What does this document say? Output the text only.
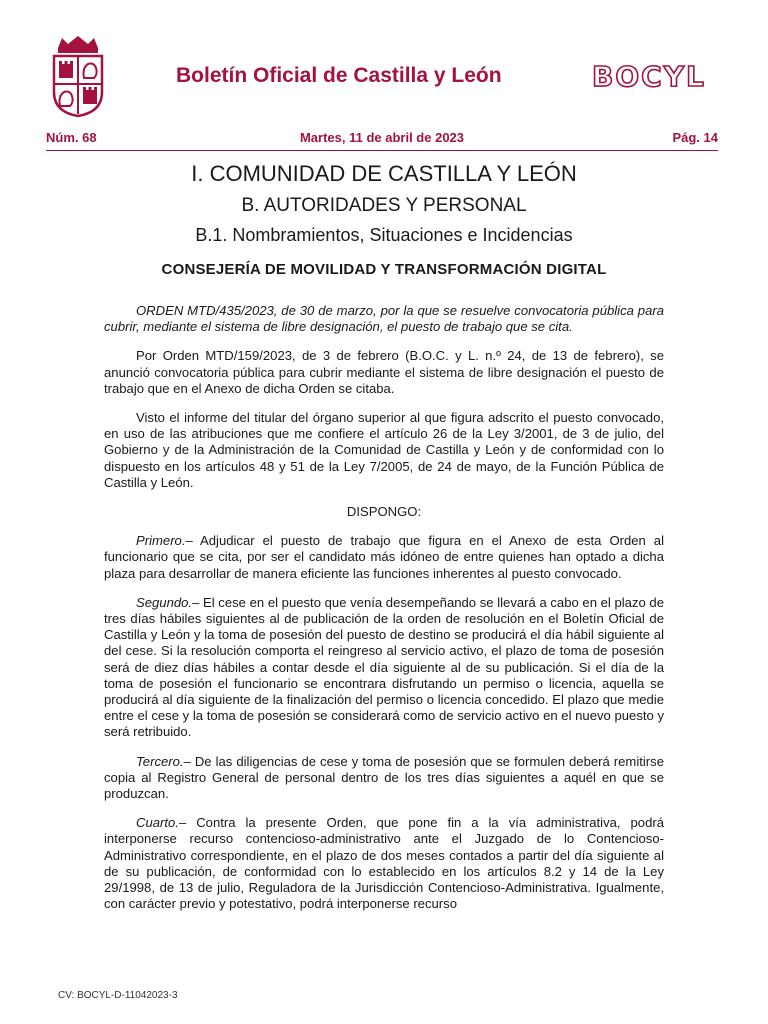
Boletín Oficial de Castilla y León	BOCYL
Núm. 68	Martes, 11 de abril de 2023	Pág. 14
I. COMUNIDAD DE CASTILLA Y LEÓN
B. AUTORIDADES Y PERSONAL
B.1. Nombramientos, Situaciones e Incidencias
CONSEJERÍA DE MOVILIDAD Y TRANSFORMACIÓN DIGITAL

ORDEN MTD/435/2023, de 30 de marzo, por la que se resuelve convocatoria pública para cubrir, mediante el sistema de libre designación, el puesto de trabajo que se cita.

Por Orden MTD/159/2023, de 3 de febrero (B.O.C. y L. n.º 24, de 13 de febrero), se anunció convocatoria pública para cubrir mediante el sistema de libre designación el puesto de trabajo que en el Anexo de dicha Orden se citaba.

Visto el informe del titular del órgano superior al que figura adscrito el puesto convocado, en uso de las atribuciones que me confiere el artículo 26 de la Ley 3/2001, de 3 de julio, del Gobierno y de la Administración de la Comunidad de Castilla y León y de conformidad con lo dispuesto en los artículos 48 y 51 de la Ley 7/2005, de 24 de mayo, de la Función Pública de Castilla y León.

DISPONGO:

Primero.– Adjudicar el puesto de trabajo que figura en el Anexo de esta Orden al funcionario que se cita, por ser el candidato más idóneo de entre quienes han optado a dicha plaza para desarrollar de manera eficiente las funciones inherentes al puesto convocado.

Segundo.– El cese en el puesto que venía desempeñando se llevará a cabo en el plazo de tres días hábiles siguientes al de publicación de la orden de resolución en el Boletín Oficial de Castilla y León y la toma de posesión del puesto de destino se producirá el día hábil siguiente al del cese. Si la resolución comporta el reingreso al servicio activo, el plazo de toma de posesión será de diez días hábiles a contar desde el día siguiente al de su publicación. Si el día de la toma de posesión el funcionario se encontrara disfrutando un permiso o licencia, aquella se producirá al día siguiente de la finalización del permiso o licencia concedido. El plazo que medie entre el cese y la toma de posesión se considerará como de servicio activo en el nuevo puesto y será retribuido.

Tercero.– De las diligencias de cese y toma de posesión que se formulen deberá remitirse copia al Registro General de personal dentro de los tres días siguientes a aquél en que se produzcan.

Cuarto.– Contra la presente Orden, que pone fin a la vía administrativa, podrá interponerse recurso contencioso-administrativo ante el Juzgado de lo Contencioso-Administrativo correspondiente, en el plazo de dos meses contados a partir del día siguiente al de su publicación, de conformidad con lo establecido en los artículos 8.2 y 14 de la Ley 29/1998, de 13 de julio, Reguladora de la Jurisdicción Contencioso-Administrativa. Igualmente, con carácter previo y potestativo, podrá interponerse recurso

CV: BOCYL-D-11042023-3
